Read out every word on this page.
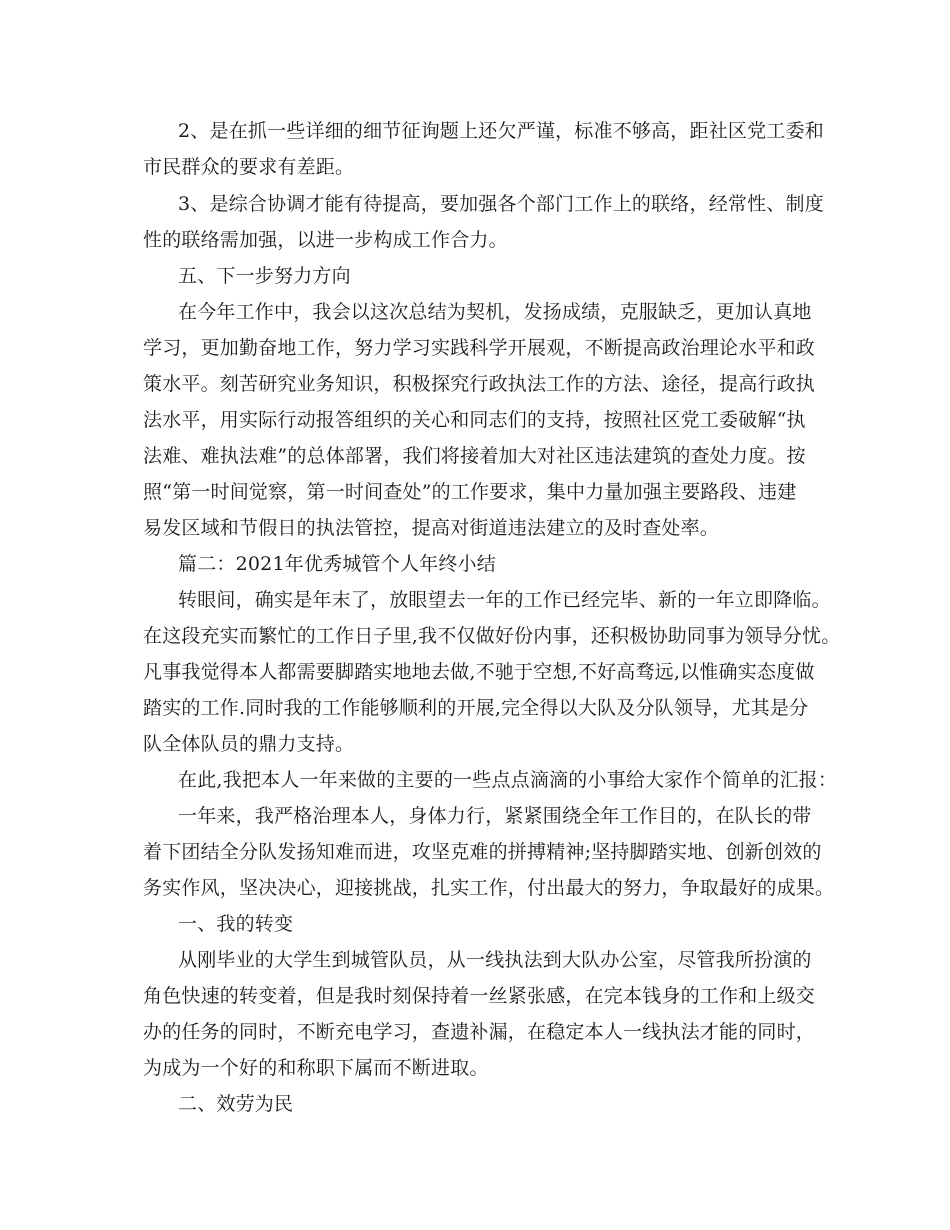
2、是在抓一些详细的细节征询题上还欠严谨，标准不够高，距社区党工委和
市民群众的要求有差距。
3、是综合协调才能有待提高，要加强各个部门工作上的联络，经常性、制度
性的联络需加强，以进一步构成工作合力。
五、下一步努力方向
在今年工作中，我会以这次总结为契机，发扬成绩，克服缺乏，更加认真地
学习，更加勤奋地工作，努力学习实践科学开展观，不断提高政治理论水平和政
策水平。刻苦研究业务知识，积极探究行政执法工作的方法、途径，提高行政执
法水平，用实际行动报答组织的关心和同志们的支持，按照社区党工委破解“执
法难、难执法难”的总体部署，我们将接着加大对社区违法建筑的查处力度。按
照“第一时间觉察，第一时间查处”的工作要求，集中力量加强主要路段、违建
易发区域和节假日的执法管控，提高对街道违法建立的及时查处率。
篇二：2021年优秀城管个人年终小结
转眼间，确实是年末了，放眼望去一年的工作已经完毕、新的一年立即降临。
在这段充实而繁忙的工作日子里,我不仅做好份内事，还积极协助同事为领导分忧。
凡事我觉得本人都需要脚踏实地地去做,不驰于空想,不好高骛远,以惟确实态度做
踏实的工作.同时我的工作能够顺利的开展,完全得以大队及分队领导，尤其是分
队全体队员的鼎力支持。
在此,我把本人一年来做的主要的一些点点滴滴的小事给大家作个简单的汇报：
一年来，我严格治理本人，身体力行，紧紧围绕全年工作目的，在队长的带
着下团结全分队发扬知难而进，攻坚克难的拼搏精神;坚持脚踏实地、创新创效的
务实作风，坚决决心，迎接挑战，扎实工作，付出最大的努力，争取最好的成果。
一、我的转变
从刚毕业的大学生到城管队员，从一线执法到大队办公室，尽管我所扮演的
角色快速的转变着，但是我时刻保持着一丝紧张感，在完本钱身的工作和上级交
办的任务的同时，不断充电学习，查遗补漏，在稳定本人一线执法才能的同时，
为成为一个好的和称职下属而不断进取。
二、效劳为民
